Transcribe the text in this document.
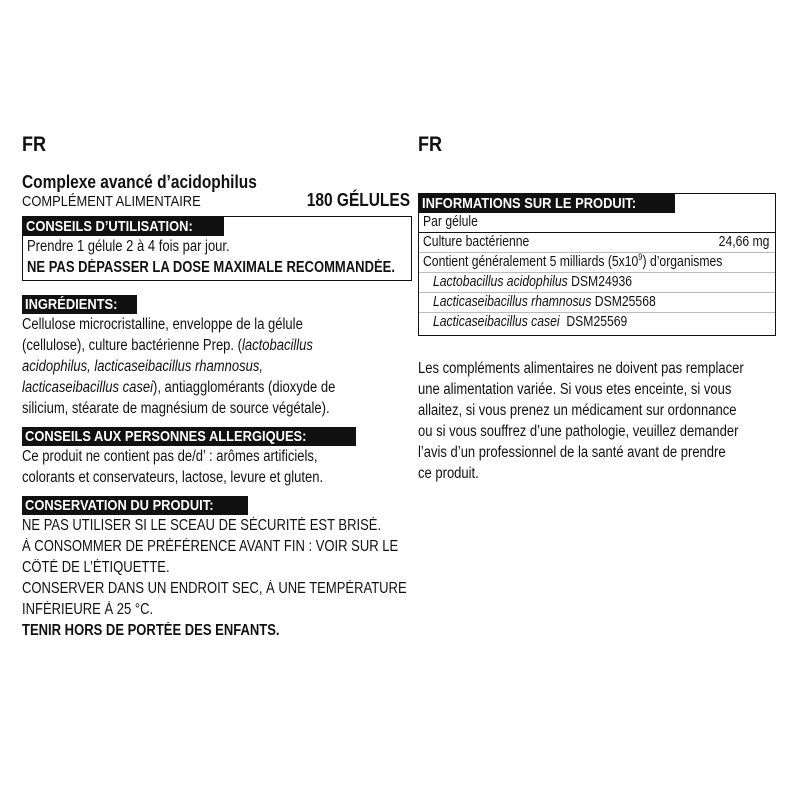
FR
Complexe avancé d’acidophilus
COMPLÉMENT ALIMENTAIRE	180 GÉLULES
CONSEILS D’UTILISATION:
Prendre 1 gélule 2 à 4 fois par jour.
NE PAS DÉPASSER LA DOSE MAXIMALE RECOMMANDÉE.
INGRÉDIENTS:
Cellulose microcristalline, enveloppe de la gélule
(cellulose), culture bactérienne Prep. (lactobacillus
acidophilus, lacticaseibacillus rhamnosus,
lacticaseibacillus casei), antiagglomérants (dioxyde de
silicium, stéarate de magnésium de source végétale).
CONSEILS AUX PERSONNES ALLERGIQUES:
Ce produit ne contient pas de/d’ : arômes artificiels,
colorants et conservateurs, lactose, levure et gluten.
CONSERVATION DU PRODUIT:
NE PAS UTILISER SI LE SCEAU DE SÉCURITÉ EST BRISÉ.
À CONSOMMER DE PRÉFÉRENCE AVANT FIN : VOIR SUR LE
CÔTÉ DE L’ÉTIQUETTE.
CONSERVER DANS UN ENDROIT SEC, À UNE TEMPÉRATURE
INFÉRIEURE À 25 °C.
TENIR HORS DE PORTÉE DES ENFANTS.
FR
INFORMATIONS SUR LE PRODUIT:
Par gélule
Culture bactérienne	24,66 mg
Contient généralement 5 milliards $(5x10^9)$ d’organismes
Lactobacillus acidophilus DSM24936
Lacticaseibacillus rhamnosus DSM25568
Lacticaseibacillus casei DSM25569
Les compléments alimentaires ne doivent pas remplacer
une alimentation variée. Si vous etes enceinte, si vous
allaitez, si vous prenez un médicament sur ordonnance
ou si vous souffrez d’une pathologie, veuillez demander
l’avis d’un professionnel de la santé avant de prendre
ce produit.
